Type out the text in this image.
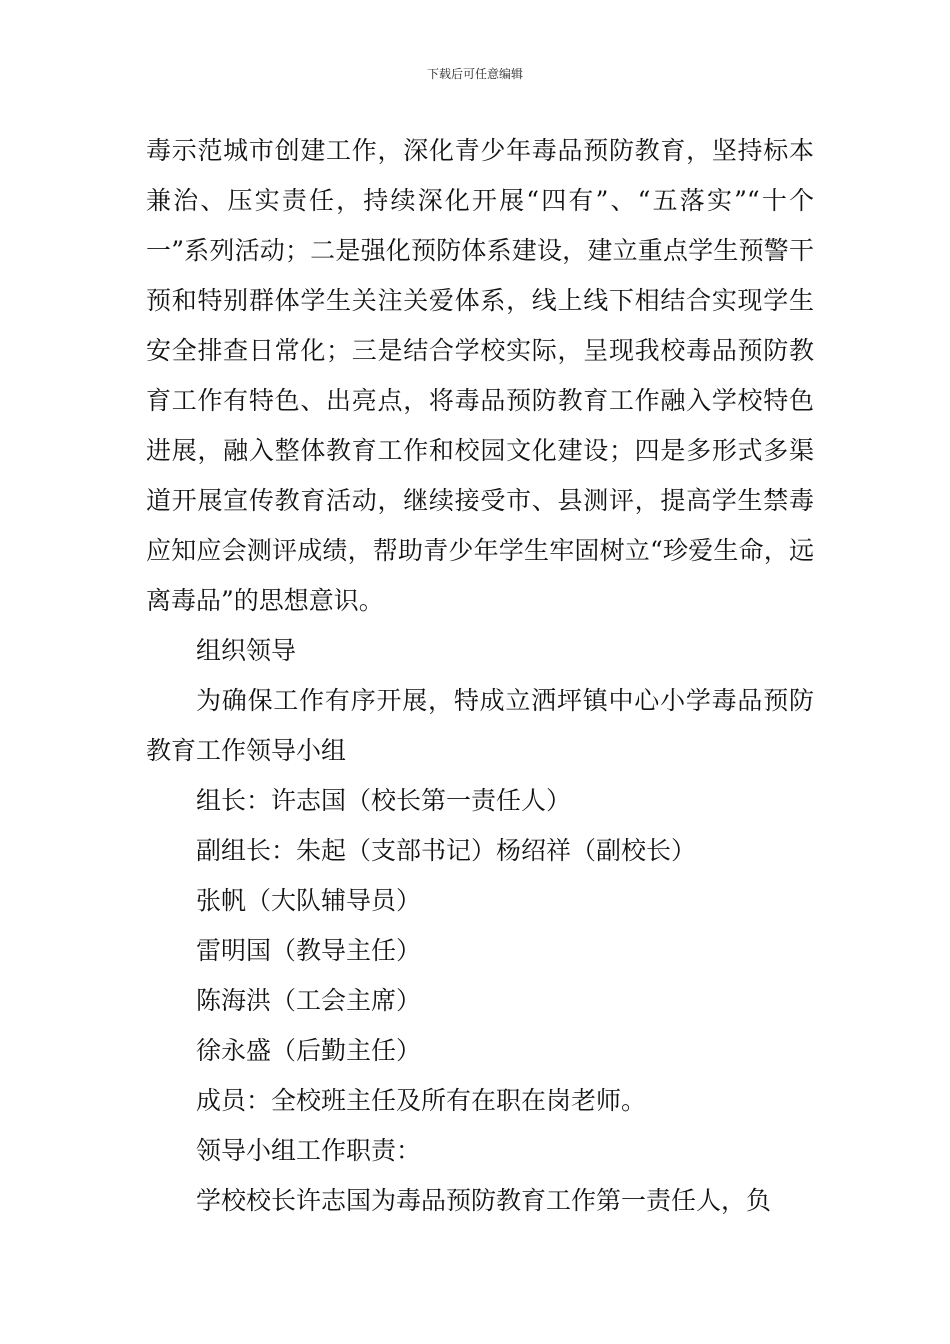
下载后可任意编辑

毒示范城市创建工作，深化青少年毒品预防教育，坚持标本兼治、压实责任，持续深化开展“四有”、“五落实”“十个一”系列活动；二是强化预防体系建设，建立重点学生预警干预和特别群体学生关注关爱体系，线上线下相结合实现学生安全排查日常化；三是结合学校实际，呈现我校毒品预防教育工作有特色、出亮点，将毒品预防教育工作融入学校特色进展，融入整体教育工作和校园文化建设；四是多形式多渠道开展宣传教育活动，继续接受市、县测评，提高学生禁毒应知应会测评成绩，帮助青少年学生牢固树立“珍爱生命，远离毒品”的思想意识。

组织领导

为确保工作有序开展，特成立洒坪镇中心小学毒品预防教育工作领导小组

组长：许志国（校长第一责任人）

副组长：朱起（支部书记）杨绍祥（副校长）

张帆（大队辅导员）

雷明国（教导主任）

陈海洪（工会主席）

徐永盛（后勤主任）

成员：全校班主任及所有在职在岗老师。

领导小组工作职责：

学校校长许志国为毒品预防教育工作第一责任人，负
